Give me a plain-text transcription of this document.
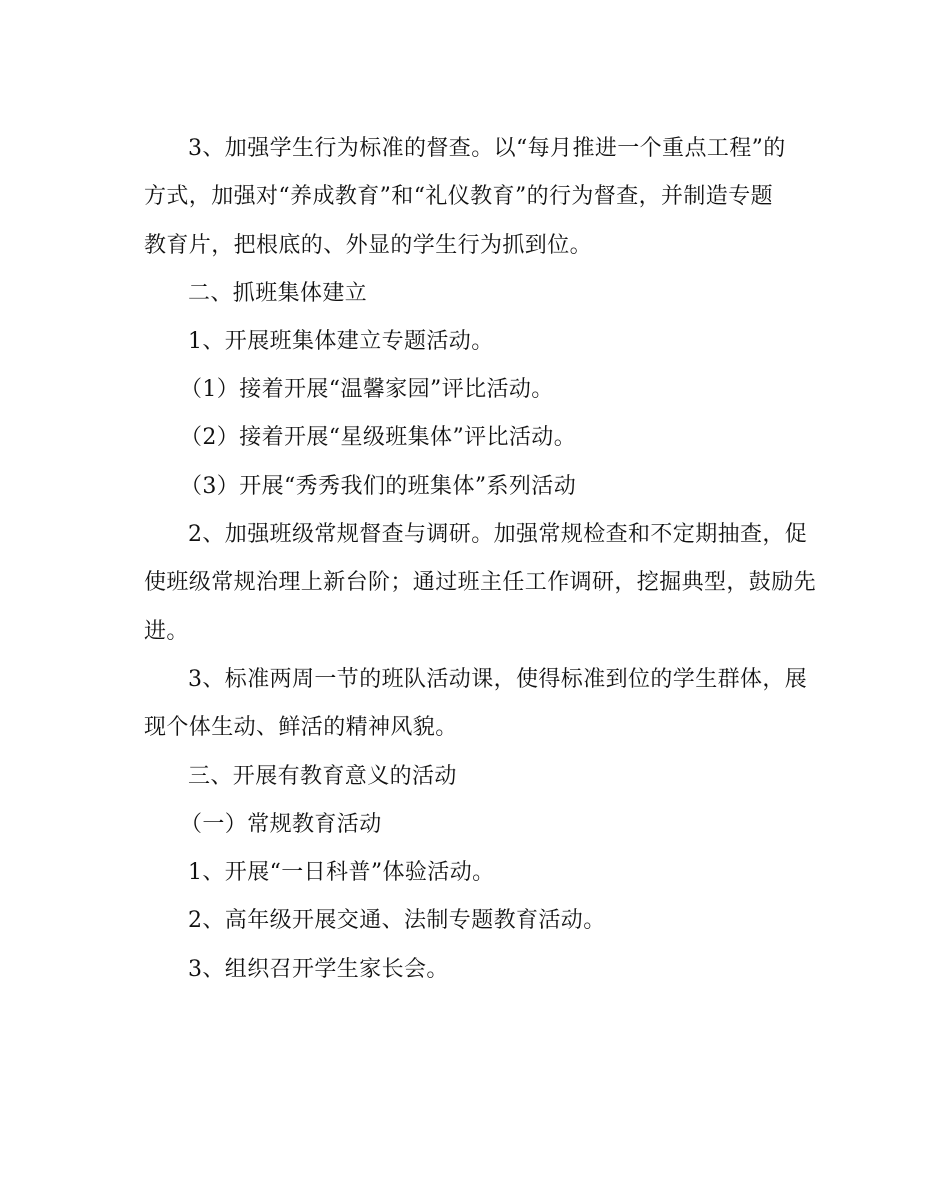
3、加强学生行为标准的督查。以“每月推进一个重点工程”的
方式，加强对“养成教育”和“礼仪教育”的行为督查，并制造专题
教育片，把根底的、外显的学生行为抓到位。
二、抓班集体建立
1、开展班集体建立专题活动。
（1）接着开展“温馨家园”评比活动。
（2）接着开展“星级班集体”评比活动。
（3）开展“秀秀我们的班集体”系列活动
2、加强班级常规督查与调研。加强常规检查和不定期抽查，促
使班级常规治理上新台阶；通过班主任工作调研，挖掘典型，鼓励先
进。
3、标准两周一节的班队活动课，使得标准到位的学生群体，展
现个体生动、鲜活的精神风貌。
三、开展有教育意义的活动
（一）常规教育活动
1、开展“一日科普”体验活动。
2、高年级开展交通、法制专题教育活动。
3、组织召开学生家长会。
